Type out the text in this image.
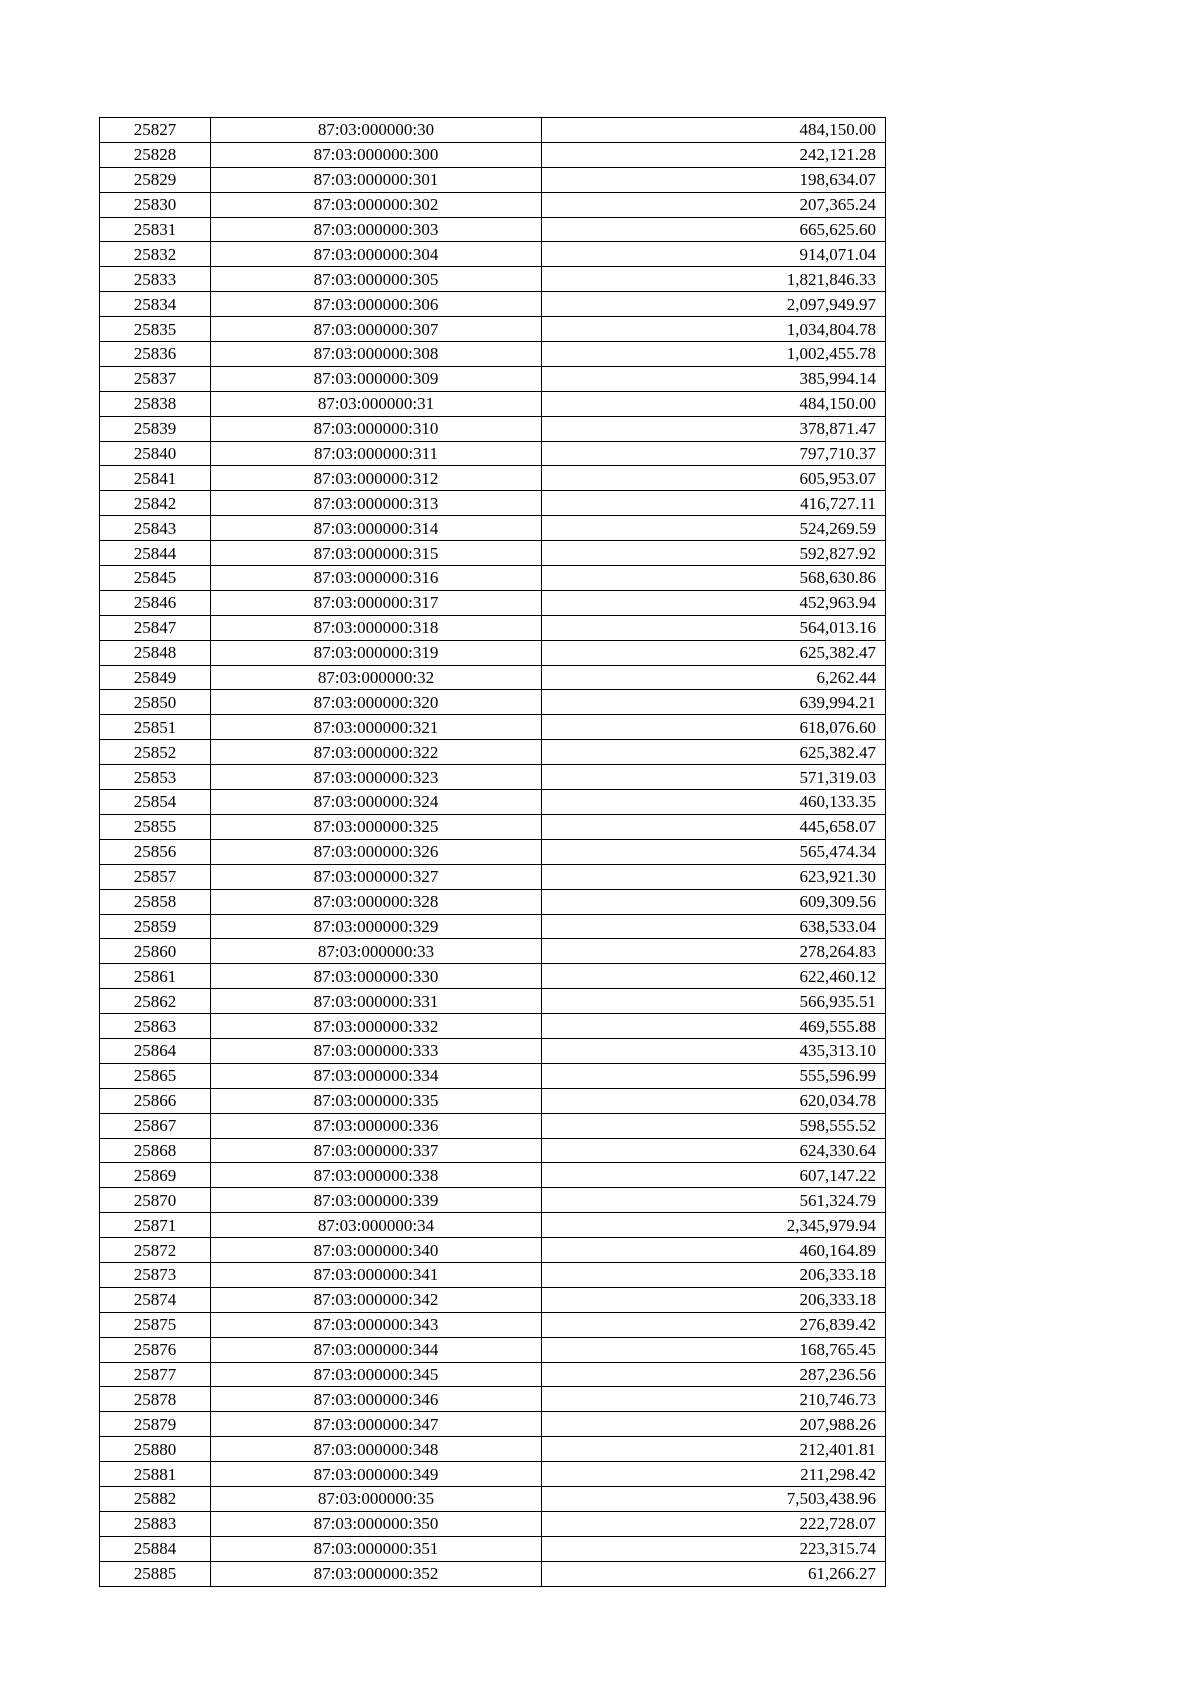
25827	87:03:000000:30	484,150.00
25828	87:03:000000:300	242,121.28
25829	87:03:000000:301	198,634.07
25830	87:03:000000:302	207,365.24
25831	87:03:000000:303	665,625.60
25832	87:03:000000:304	914,071.04
25833	87:03:000000:305	1,821,846.33
25834	87:03:000000:306	2,097,949.97
25835	87:03:000000:307	1,034,804.78
25836	87:03:000000:308	1,002,455.78
25837	87:03:000000:309	385,994.14
25838	87:03:000000:31	484,150.00
25839	87:03:000000:310	378,871.47
25840	87:03:000000:311	797,710.37
25841	87:03:000000:312	605,953.07
25842	87:03:000000:313	416,727.11
25843	87:03:000000:314	524,269.59
25844	87:03:000000:315	592,827.92
25845	87:03:000000:316	568,630.86
25846	87:03:000000:317	452,963.94
25847	87:03:000000:318	564,013.16
25848	87:03:000000:319	625,382.47
25849	87:03:000000:32	6,262.44
25850	87:03:000000:320	639,994.21
25851	87:03:000000:321	618,076.60
25852	87:03:000000:322	625,382.47
25853	87:03:000000:323	571,319.03
25854	87:03:000000:324	460,133.35
25855	87:03:000000:325	445,658.07
25856	87:03:000000:326	565,474.34
25857	87:03:000000:327	623,921.30
25858	87:03:000000:328	609,309.56
25859	87:03:000000:329	638,533.04
25860	87:03:000000:33	278,264.83
25861	87:03:000000:330	622,460.12
25862	87:03:000000:331	566,935.51
25863	87:03:000000:332	469,555.88
25864	87:03:000000:333	435,313.10
25865	87:03:000000:334	555,596.99
25866	87:03:000000:335	620,034.78
25867	87:03:000000:336	598,555.52
25868	87:03:000000:337	624,330.64
25869	87:03:000000:338	607,147.22
25870	87:03:000000:339	561,324.79
25871	87:03:000000:34	2,345,979.94
25872	87:03:000000:340	460,164.89
25873	87:03:000000:341	206,333.18
25874	87:03:000000:342	206,333.18
25875	87:03:000000:343	276,839.42
25876	87:03:000000:344	168,765.45
25877	87:03:000000:345	287,236.56
25878	87:03:000000:346	210,746.73
25879	87:03:000000:347	207,988.26
25880	87:03:000000:348	212,401.81
25881	87:03:000000:349	211,298.42
25882	87:03:000000:35	7,503,438.96
25883	87:03:000000:350	222,728.07
25884	87:03:000000:351	223,315.74
25885	87:03:000000:352	61,266.27
